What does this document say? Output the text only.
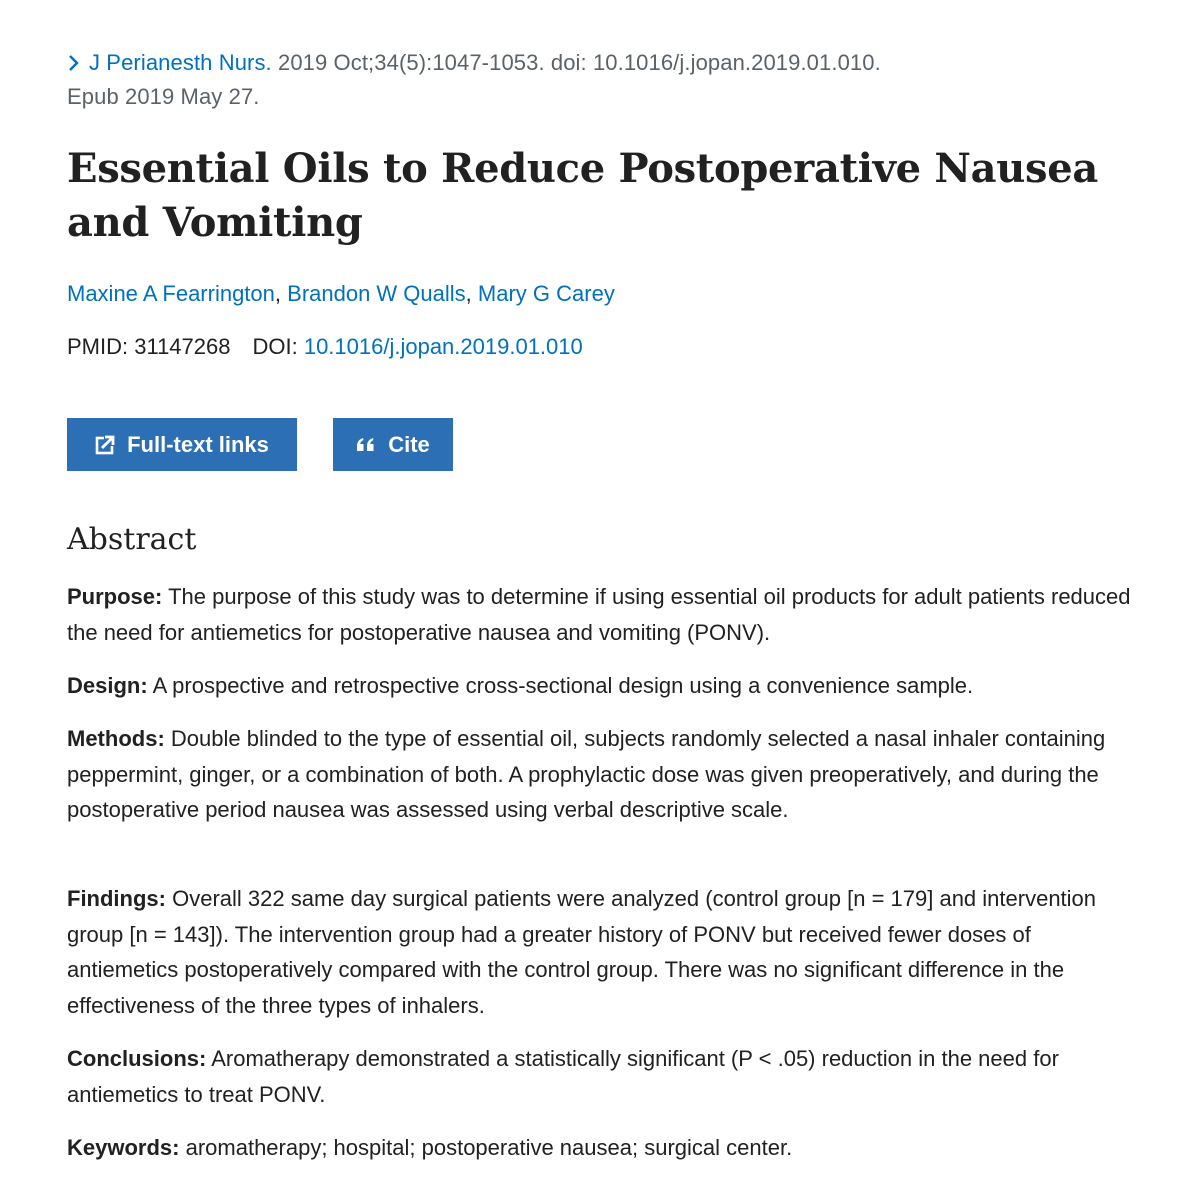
J Perianesth Nurs. 2019 Oct;34(5):1047-1053. doi: 10.1016/j.jopan.2019.01.010.
Epub 2019 May 27.
Essential Oils to Reduce Postoperative Nausea and Vomiting
Maxine A Fearrington, Brandon W Qualls, Mary G Carey
PMID: 31147268 DOI: 10.1016/j.jopan.2019.01.010
Full-text links	Cite
Abstract

Purpose: The purpose of this study was to determine if using essential oil products for adult patients reduced the need for antiemetics for postoperative nausea and vomiting (PONV).

Design: A prospective and retrospective cross-sectional design using a convenience sample.

Methods: Double blinded to the type of essential oil, subjects randomly selected a nasal inhaler containing peppermint, ginger, or a combination of both. A prophylactic dose was given preoperatively, and during the postoperative period nausea was assessed using verbal descriptive scale.

Findings: Overall 322 same day surgical patients were analyzed (control group [n = 179] and intervention group [n = 143]). The intervention group had a greater history of PONV but received fewer doses of antiemetics postoperatively compared with the control group. There was no significant difference in the effectiveness of the three types of inhalers.

Conclusions: Aromatherapy demonstrated a statistically significant (P < .05) reduction in the need for antiemetics to treat PONV.

Keywords: aromatherapy; hospital; postoperative nausea; surgical center.
